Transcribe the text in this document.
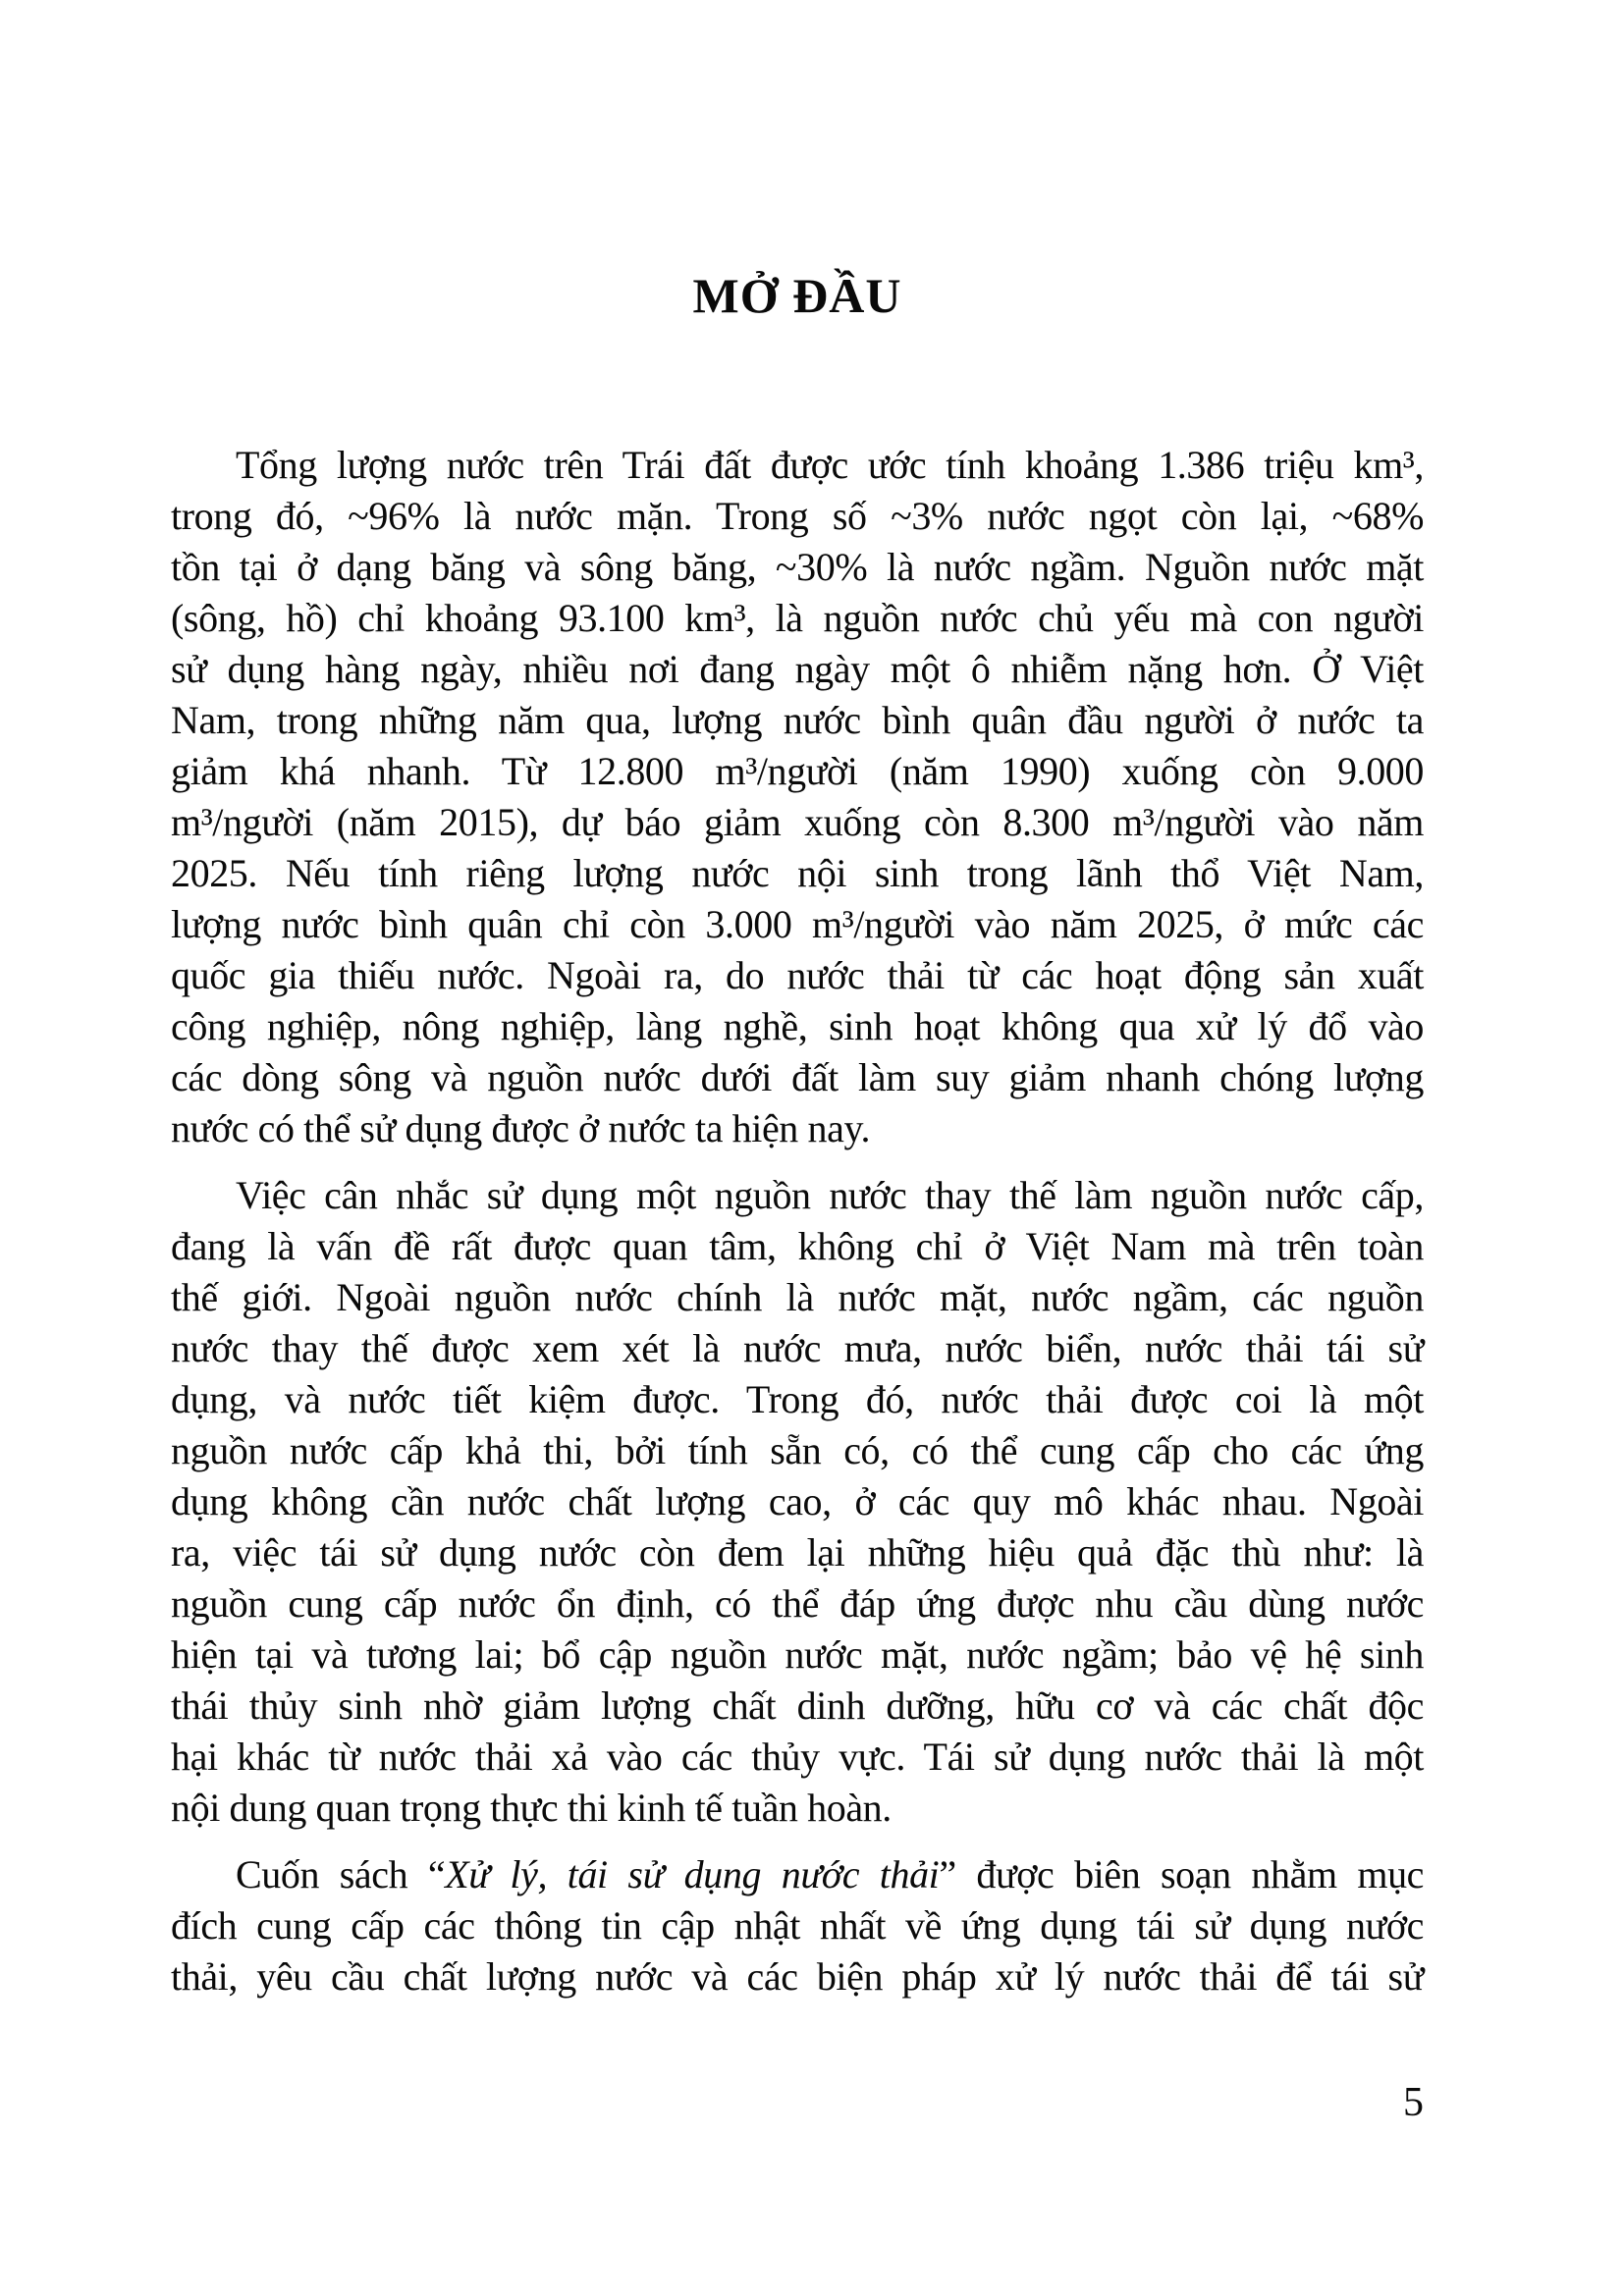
MỞ ĐẦU
Tổng lượng nước trên Trái đất được ước tính khoảng 1.386 triệu km³,
trong đó, ~96% là nước mặn. Trong số ~3% nước ngọt còn lại, ~68%
tồn tại ở dạng băng và sông băng, ~30% là nước ngầm. Nguồn nước mặt
(sông, hồ) chỉ khoảng 93.100 km³, là nguồn nước chủ yếu mà con người
sử dụng hàng ngày, nhiều nơi đang ngày một ô nhiễm nặng hơn. Ở Việt
Nam, trong những năm qua, lượng nước bình quân đầu người ở nước ta
giảm khá nhanh. Từ 12.800 m³/người (năm 1990) xuống còn 9.000
m³/người (năm 2015), dự báo giảm xuống còn 8.300 m³/người vào năm
2025. Nếu tính riêng lượng nước nội sinh trong lãnh thổ Việt Nam,
lượng nước bình quân chỉ còn 3.000 m³/người vào năm 2025, ở mức các
quốc gia thiếu nước. Ngoài ra, do nước thải từ các hoạt động sản xuất
công nghiệp, nông nghiệp, làng nghề, sinh hoạt không qua xử lý đổ vào
các dòng sông và nguồn nước dưới đất làm suy giảm nhanh chóng lượng
nước có thể sử dụng được ở nước ta hiện nay.
Việc cân nhắc sử dụng một nguồn nước thay thế làm nguồn nước cấp,
đang là vấn đề rất được quan tâm, không chỉ ở Việt Nam mà trên toàn
thế giới. Ngoài nguồn nước chính là nước mặt, nước ngầm, các nguồn
nước thay thế được xem xét là nước mưa, nước biển, nước thải tái sử
dụng, và nước tiết kiệm được. Trong đó, nước thải được coi là một
nguồn nước cấp khả thi, bởi tính sẵn có, có thể cung cấp cho các ứng
dụng không cần nước chất lượng cao, ở các quy mô khác nhau. Ngoài
ra, việc tái sử dụng nước còn đem lại những hiệu quả đặc thù như: là
nguồn cung cấp nước ổn định, có thể đáp ứng được nhu cầu dùng nước
hiện tại và tương lai; bổ cập nguồn nước mặt, nước ngầm; bảo vệ hệ sinh
thái thủy sinh nhờ giảm lượng chất dinh dưỡng, hữu cơ và các chất độc
hại khác từ nước thải xả vào các thủy vực. Tái sử dụng nước thải là một
nội dung quan trọng thực thi kinh tế tuần hoàn.
Cuốn sách “Xử lý, tái sử dụng nước thải” được biên soạn nhằm mục
đích cung cấp các thông tin cập nhật nhất về ứng dụng tái sử dụng nước
thải, yêu cầu chất lượng nước và các biện pháp xử lý nước thải để tái sử
5
